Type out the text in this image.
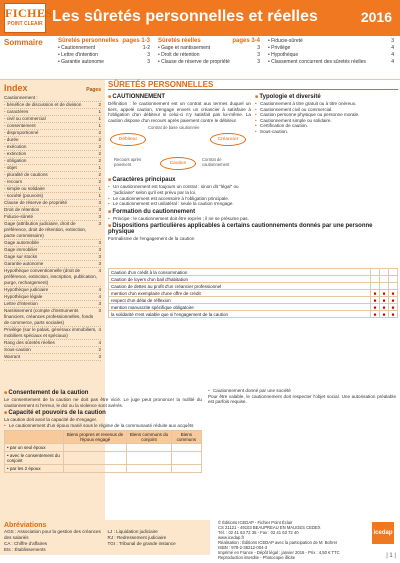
FICHES
POINT CLEAIR Les sûretés personnelles et réelles	2016
Sommaire	Sûretés personnelles pages 1-3
• Cautionnement	1-2
• Lettre d'intention	3
• Garantie autonome	3
Sûretés réelles	pages 3-4
• Gage et nantissement	3
• Droit de rétention	3
• Clause de réserve de propriété	3
• Fiducie-sûreté	3
• Privilège	4
• Hypothèque	4
• Classement concurrent des sûretés réelles	4
Index	Pages
Cautionnement :
- bénéfice de discussion et de division	2
- caractères	1
- civil ou commercial	1
- consentement	1
- disproportionné	2
- durée	2
- exécution	2
- extinction	2
- obligation	2
- objet	1
- pluralité de cautions	2
- recours	2
- simple ou solidaire	1
- société (pouvoirs)	1
Clause de réserve de propriété	3
Droit de rétention	3
Fiducie-sûreté	3
Gage (attribution judiciaire, droit de préférence, droit de rétention, extinction, pacte commissoire)
3
Gage automobile	3
Gage immobilier	3
Gage sur stocks	3
Garantie autonome	3
Hypothèque conventionnelle (droit de préférence, extinction, inscription, publication, purge, rechargement)
4
Hypothèque judiciaire	4
Hypothèque légale	4
Lettre d'intention	3
Nantissement (compte d'instruments financiers, créances professionnelles, fonds de commerce, parts sociales)
3
Privilège (sur le palais, généraux immobiliers, mobiliers spéciaux et spéciaux)
4
Rang des sûretés réelles	4
Sous-caution	2
Warrant	3
SÛRETÉS PERSONNELLES
■ CAUTIONNEMENT
Définition : le cautionnement est un contrat aux termes duquel un tiers, appelé caution, s'engage envers un créancier à satisfaire à l'obligation d'un débiteur si celui-ci n'y satisfait pas lui-même. La caution dispose d'un recours après paiement contre le débiteur.
Contrat de base cautionnée
Débiteur	Créancier
Caution
Recours après paiement
Contrat de cautionnement
■ Caractères principaux
• Un cautionnement est toujours un contrat : sinon dit "légal" ou "judiciaire" selon qu'il est prévu par la loi.
• Le cautionnement est accessoire à l'obligation principale.
• Le cautionnement est unilatéral : seule la caution s'engage.
■ Typologie et diversité
• Cautionnement à titre gratuit ou à titre onéreux.
• Cautionnement civil ou commercial.
• Caution personne physique ou personne morale.
• Cautionnement simple ou solidaire.
• Certification de caution.
• Sous-caution.
■ Formation du cautionnement
• Principe : le cautionnement doit être exprès ; il ne se présume pas.
■ Dispositions particulières applicables à certains cautionnements donnés par une personne physique
Formalisme de l'engagement de la caution
Caution d'un crédit à la consommation			
Caution de loyers d'un bail d'habitation			
Caution de dettes au profit d'un créancier professionnel			
mention d'un exemplaire d'une offre de crédit	■	■	■
respect d'un délai de réflexion	■	■	■
mention manuscrite spécifique obligatoire	■	■	■
la solidarité n'est valable que si l'engagement de la caution	■	■	■
■ Consentement de la caution
Le consentement de la caution ne doit pas être vicié. Le juge peut prononcer la nullité du cautionnement si l'erreur, le dol ou la violence sont avérés.
■ Capacité et pouvoirs de la caution
La caution doit avoir la capacité de s'engager.
• Le cautionnement d'un époux marié sous le régime de la communauté réduite aux acquêts
	Biens propres et revenus de l'époux engagé	Biens communs du conjoint	Biens communs
• par un seul époux			
• avec le consentement du conjoint			
• par les 2 époux			
• Cautionnement donné par une société
Pour être valable, le cautionnement doit respecter l'objet social. Une autorisation préalable est parfois requise.
Abréviations
AGS : Association pour la gestion des créances des salariés
CA : Chiffre d'affaires
Ets : Établissements
LJ : Liquidation judiciaire
RJ : Redressement judiciaire
TGI : Tribunal de grande instance
© Éditions ICEDAP - Fichier Point Éclair
CS 21121 - 49103 BEAUPREAU EN MAUGES CEDEX
Tél. : 02 41 63 72 35 - Fax : 02 41 63 72 40
www.icedap.fr
Réalisation : Éditions ICEDAP avec la participation de M. Bohrer
ISBN : 978-2-36212-004-3
Imprimé en France - Dépôt légal : janvier 2016 - Prix : 4,50 € TTC
Reproduction interdite - Photocopie illicite
icedap
| 1 |
